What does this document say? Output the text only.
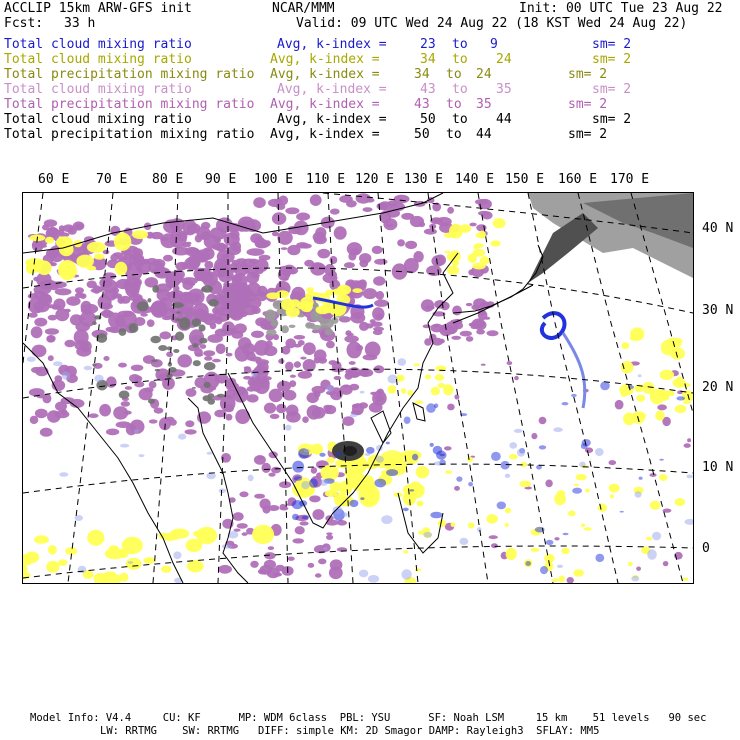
ACCLIP 15km ARW-GFS init	NCAR/MMM	Init: 00 UTC Tue 23 Aug 22
Fcst: 33 h	Valid: 09 UTC Wed 24 Aug 22 (18 KST Wed 24 Aug 22)
Total cloud mixing ratio	Avg, k-index =	23 to 9	sm= 2
Total cloud mixing ratio	Avg, k-index =	34 to 24	sm= 2
Total precipitation mixing ratio Avg, k-index =	34 to 24	sm= 2
Total cloud mixing ratio	Avg, k-index =	43 to 35	sm= 2
Total precipitation mixing ratio Avg, k-index =	43 to 35	sm= 2
Total cloud mixing ratio	Avg, k-index =	50 to 44	sm= 2
Total precipitation mixing ratio Avg, k-index =	50 to 44	sm= 2
60 E 70 E 80 E 90 E 100 E 110 E 120 E 130 E 140 E 150 E 160 E 170 E
40 N
30 N
20 N
10 N
0
Model Info: V4.4     CU: KF      MP: WDM 6class  PBL: YSU      SF: Noah LSM     15 km    51 levels   90 sec
LW: RRTMG    SW: RRTMG   DIFF: simple KM: 2D Smagor DAMP: Rayleigh3  SFLAY: MM5
